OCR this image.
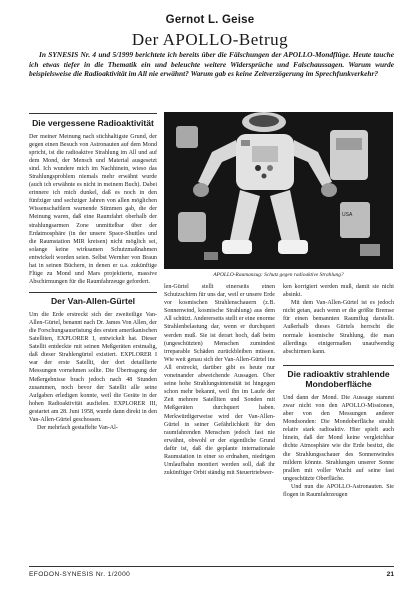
Gernot L. Geise
Der APOLLO-Betrug
In SYNESIS Nr. 4 und 5/1999 berichtete ich bereits über die Fälschungen der APOLLO-Mondflüge. Heute tauche ich etwas tiefer in die Thematik ein und beleuchte weitere Widersprüche und Falschaussagen. Warum wurde beispielsweise die Radioaktivität im All nie erwähnt? Warum gab es keine Zeitverzögerung im Sprechfunkverkehr?
Die vergessene Radioaktivität

Der meiner Meinung nach stichhaltigste Grund, der gegen einen Besuch von Astronauten auf dem Mond spricht, ist die radioaktive Strahlung im All und auf dem Mond, der Mensch und Material ausgesetzt sind. Ich wundere mich im Nachhinein, wieso das Strahlungsproblem niemals mehr erwähnt wurde (auch ich erwähnte es nicht in meinem Buch). Dabei erinnere ich mich dunkel, daß es noch in den fünfziger und sechziger Jahren von allen möglichen Wissenschaftlern warnende Stimmen gab, die der Meinung waren, daß eine Raumfahrt oberhalb der strahlungsarmen Zone unmittelbar über der Erdatmosphäre (in der unsere Space-Shuttles und die Raumstation MIR kreisen) nicht möglich sei, solange keine wirksamen Schutzmaßnahmen entwickelt worden seien. Selbst Wernher von Braun hat in seinen Büchern, in denen er u.a. zukünftige Flüge zu Mond und Mars projektierte, massive Abschirmungen für die Raumfahrzeuge gefordert.

Der Van-Allen-Gürtel

Um die Erde erstreckt sich der zweiteilige Van-Allen-Gürtel, benannt nach Dr. James Von Allen, der die Forschungsausrüstung des ersten amerikanischen Satelliten, EXPLORER I, entwickelt hat. Dieser Satellit entdeckte mit seinen Meßgeräten erstmalig, daß dieser Strahlengürtel existiert. EXPLORER I war der erste Satellit, der dort detaillierte Messungen vornehmen sollte. Die Übertragung der Meßergebnisse brach jedoch nach 48 Stunden zusammen, noch bevor der Satellit alle seine Aufgaben erledigen konnte, weil die Geräte in der hohen Radioaktivität ausfielen. EXPLORER III, gestartet am 28. Juni 1958, wurde dann direkt in den Van-Allen-Gürtel geschossen.

Der mehrfach gestaffelte Van-Al-

USA
APOLLO-Raumanzug: Schutz gegen radioaktive Strahlung?

len-Gürtel stellt einerseits einen Schutzschirm für uns dar, weil er unsere Erde vor kosmischen Strahlenschauern (z.B. Sonnenwind, kosmische Strahlung) aus dem All schützt. Andererseits stellt er eine enorme Strahlenbelastung dar, wenn er durchquert werden muß. Sie ist derart hoch, daß beim (ungeschützten) Menschen zumindest irreparable Schäden zurückbleiben müssen. Wie weit genau sich der Van-Allen-Gürtel ins All erstreckt, darüber gibt es heute nur voneinander abweichende Aussagen. Über seine hohe Strahlungsintensität ist hingegen schon mehr bekannt, weil ihn im Laufe der Zeit mehrere Satelliten und Sonden mit Meßgeräten durchquert haben. Merkwürdigerweise wird der Van-Allen-Gürtel in seiner Gefährlichkeit für den raumfahrenden Menschen jedoch fast nie erwähnt, obwohl er der eigentliche Grund dafür ist, daß die geplante internationale Raumstation in einer so erdnahen, niedrigen Umlaufbahn montiert werden soll, daß ihr zukünftiger Orbit ständig mit Steuertriebwer-

ken korrigiert werden muß, damit sie nicht absinkt.

Mit dem Van-Allen-Gürtel ist es jedoch nicht getan, auch wenn er die größte Bremse für einen bemannten Raumflug darstellt. Außerhalb dieses Gürtels herrscht die normale kosmische Strahlung, die man allerdings einigermaßen unaufwendig abschirmen kann.

Die radioaktiv strahlende Mondoberfläche

Und dann der Mond. Die Aussage stammt zwar nicht von den APOLLO-Missionen, aber von den Messungen anderer Mondsonden: Die Mondoberfläche strahlt relativ stark radioaktiv. Hier spielt auch hinein, daß der Mond keine vergleichbar dichte Atmosphäre wie die Erde besitzt, die die Strahlungsschauer des Sonnenwindes mildern könnte. Strahlungen unserer Sonne prallen mit voller Wucht auf seine fast ungeschützte Oberfläche.

Und nun die APOLLO-Astronauten. Sie flogen in Raumfahrzeugen

EFODON-SYNESIS Nr. 1/2000	21
